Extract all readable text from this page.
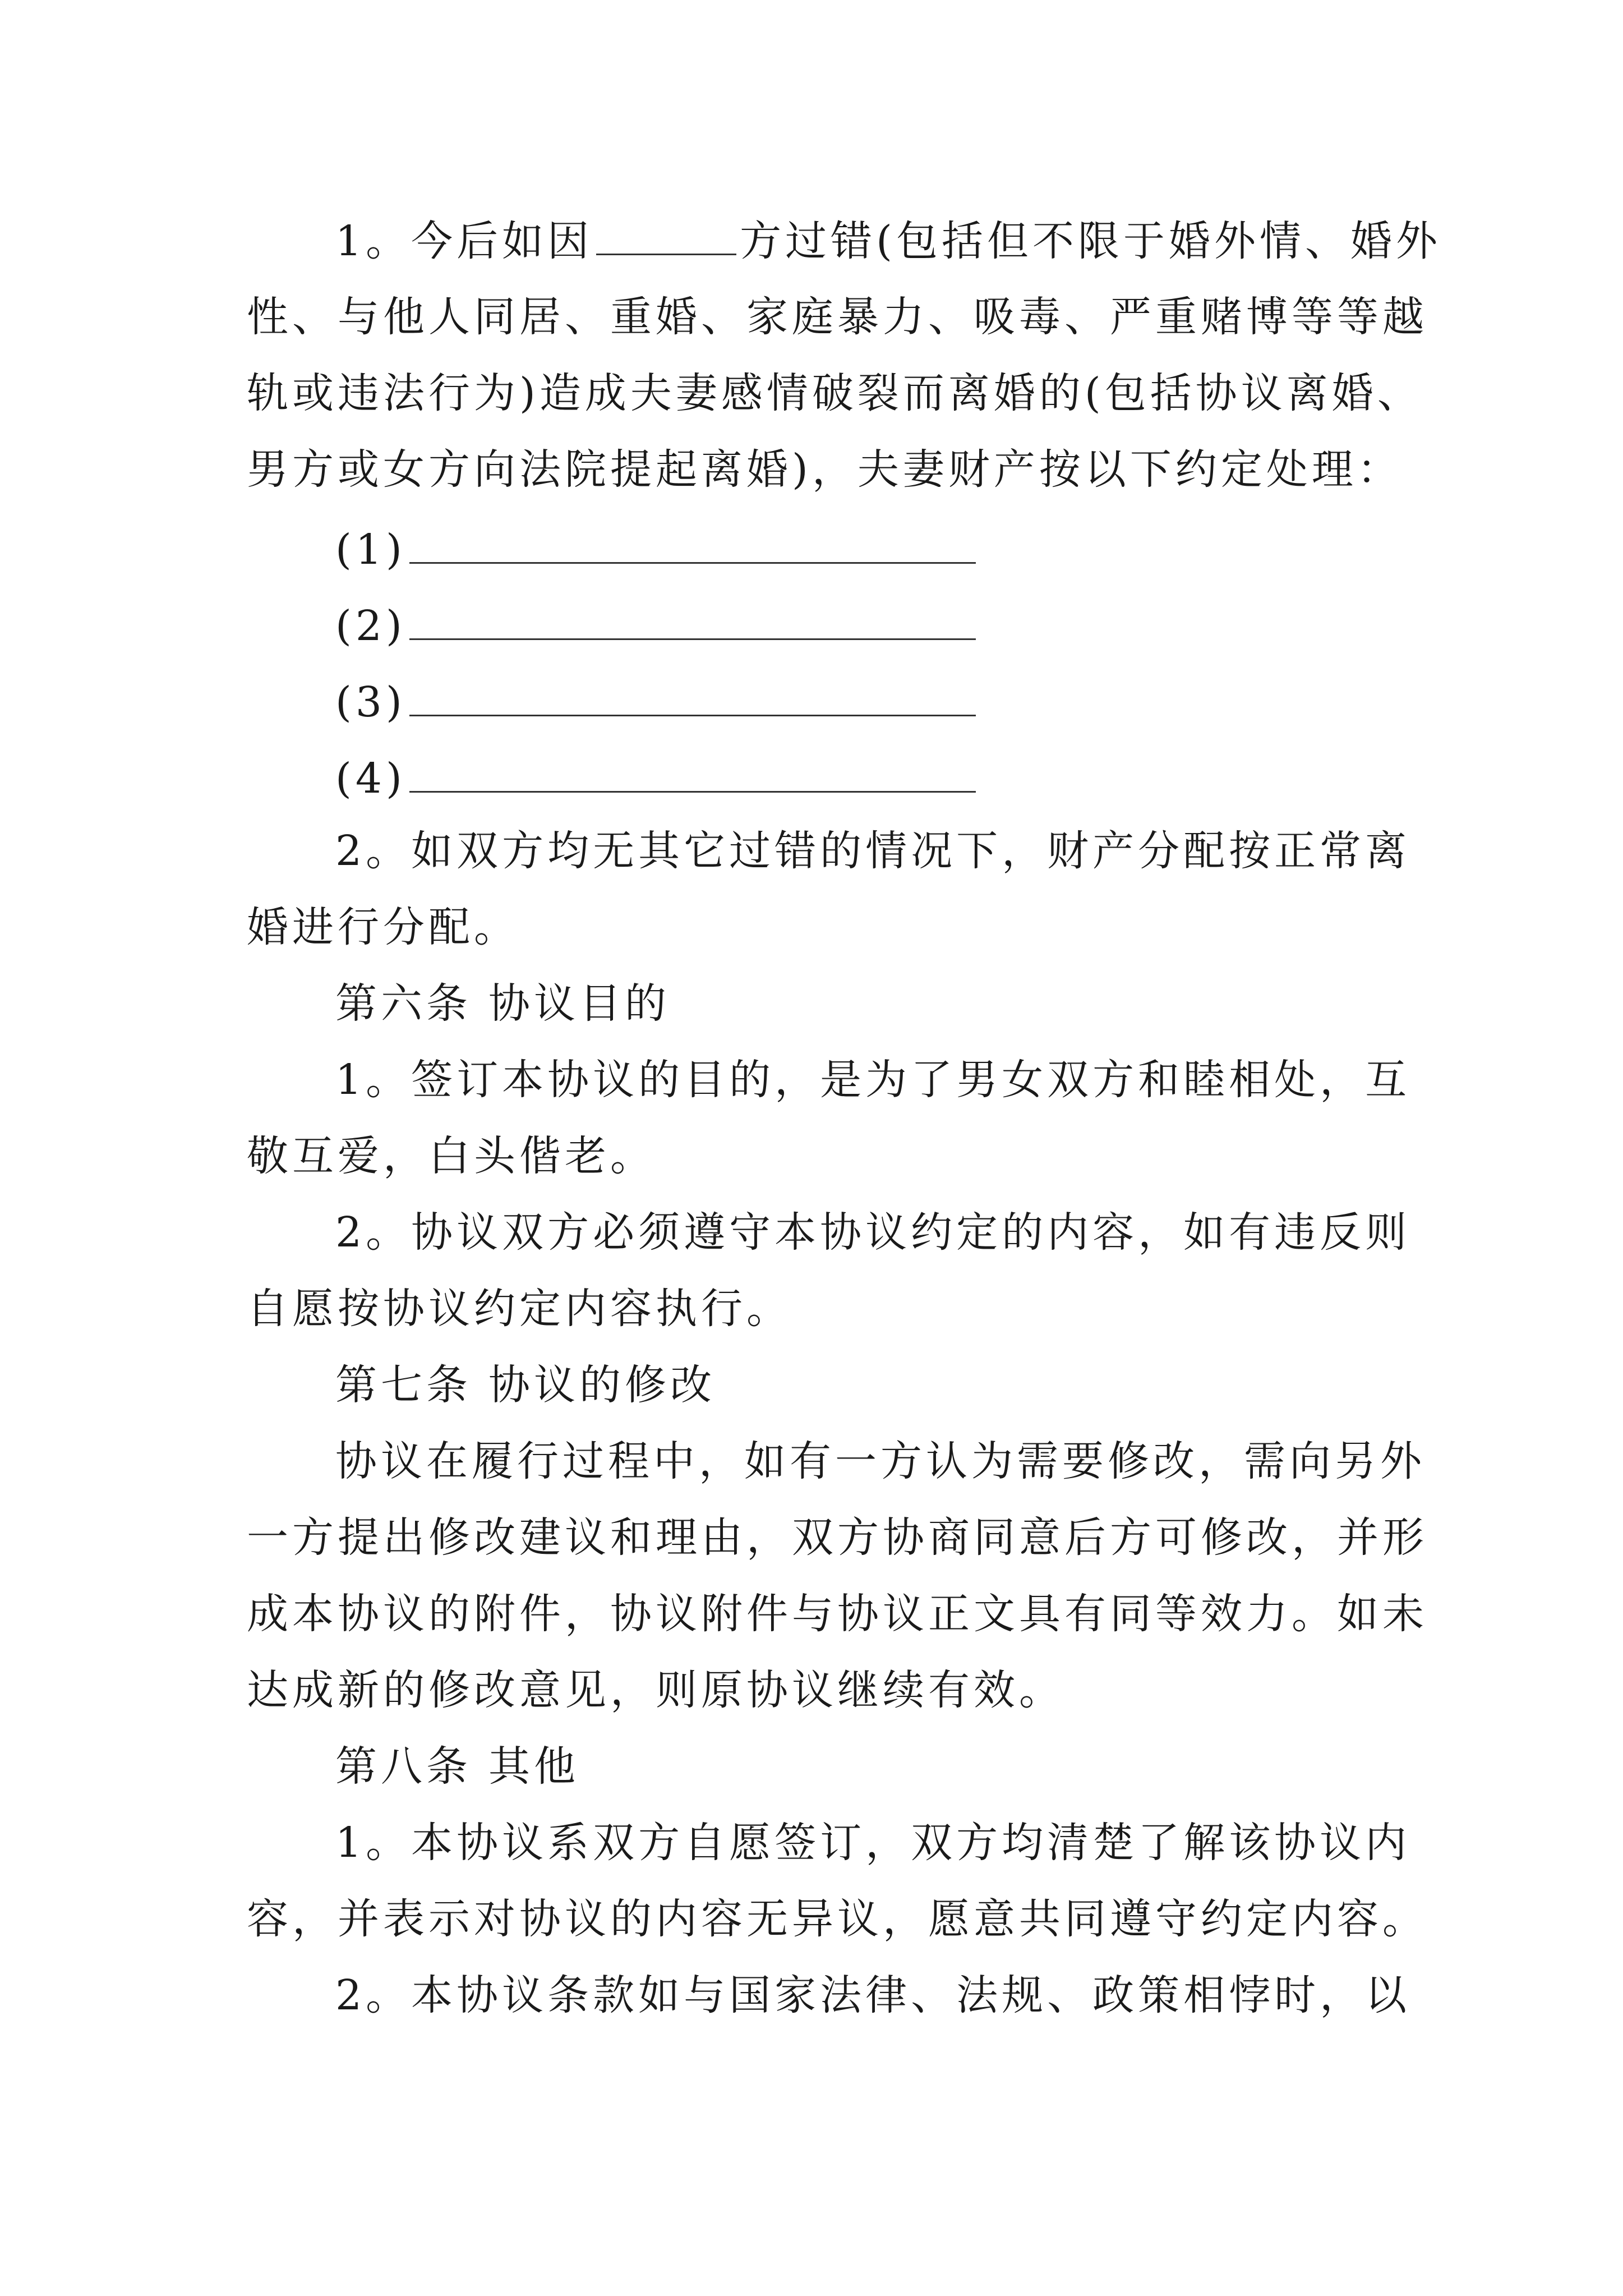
1。今后如因	方过错(包括但不限于婚外情、婚外
性、与他人同居、重婚、家庭暴力、吸毒、严重赌博等等越
轨或违法行为)造成夫妻感情破裂而离婚的(包括协议离婚、
男方或女方向法院提起离婚)，夫妻财产按以下约定处理：
(1)
(2)
(3)
(4)
2。如双方均无其它过错的情况下，财产分配按正常离
婚进行分配。
第六条 协议目的
1。签订本协议的目的，是为了男女双方和睦相处，互
敬互爱，白头偕老。
2。协议双方必须遵守本协议约定的内容，如有违反则
自愿按协议约定内容执行。
第七条 协议的修改
协议在履行过程中，如有一方认为需要修改，需向另外
一方提出修改建议和理由，双方协商同意后方可修改，并形
成本协议的附件，协议附件与协议正文具有同等效力。如未
达成新的修改意见，则原协议继续有效。
第八条 其他
1。本协议系双方自愿签订，双方均清楚了解该协议内
容，并表示对协议的内容无异议，愿意共同遵守约定内容。
2。本协议条款如与国家法律、法规、政策相悖时，以
